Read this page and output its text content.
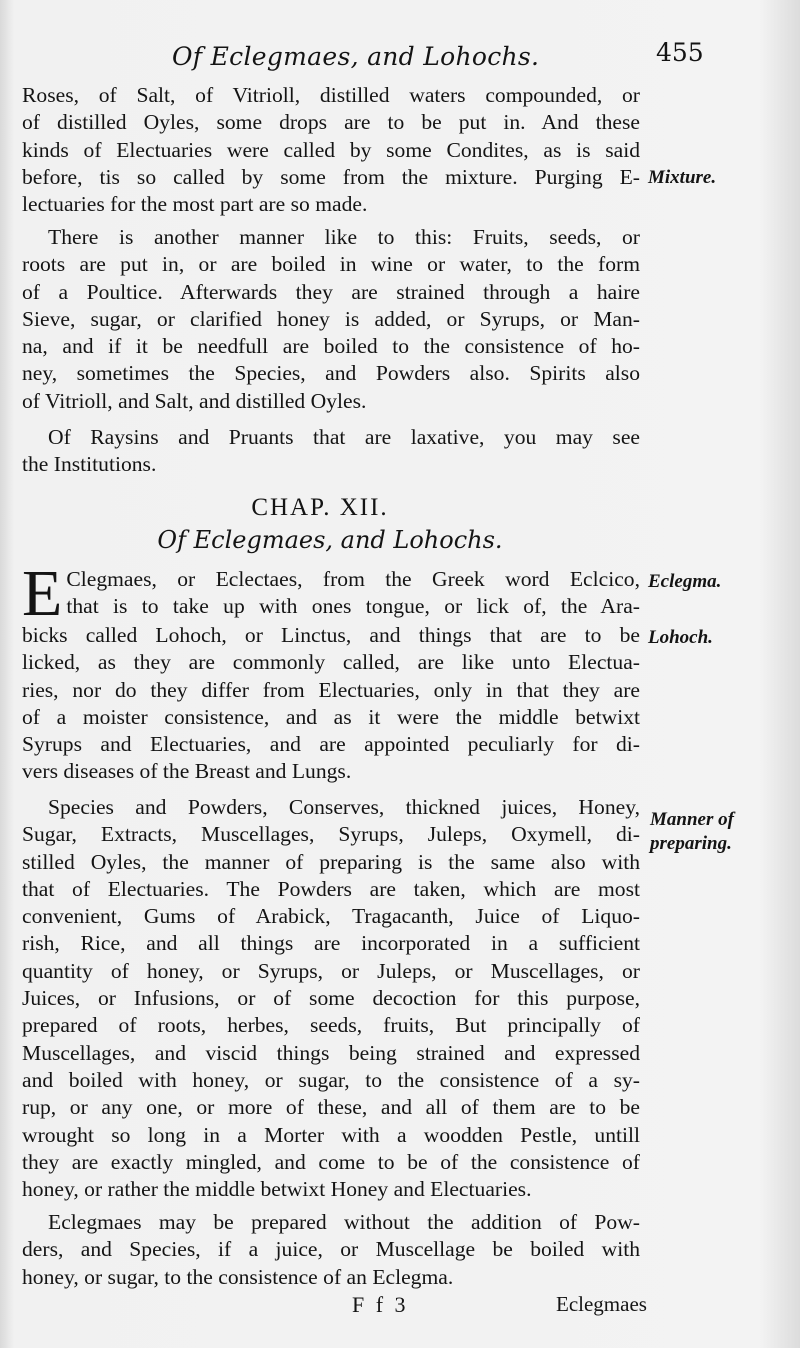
Of Eclegmaes, and Lohochs.	455
Roses, of Salt, of Vitrioll, distilled waters compounded, or
of distilled Oyles, some drops are to be put in. And these
kinds of Electuaries were called by some Condites, as is said
before, tis so called by some from the mixture. Purging E-
lectuaries for the most part are so made.
There is another manner like to this: Fruits, seeds, or
roots are put in, or are boiled in wine or water, to the form
of a Poultice. Afterwards they are strained through a haire
Sieve, sugar, or clarified honey is added, or Syrups, or Man-
na, and if it be needfull are boiled to the consistence of ho-
ney, sometimes the Species, and Powders also. Spirits also
of Vitrioll, and Salt, and distilled Oyles.
Of Raysins and Pruants that are laxative, you may see
the Institutions.
CHAP. XII.
Of Eclegmaes, and Lohochs.
E Clegmaes, or Eclectaes, from the Greek word Eclcico,
that is to take up with ones tongue, or lick of, the Ara-
bicks called Lohoch, or Linctus, and things that are to be
licked, as they are commonly called, are like unto Electua-
ries, nor do they differ from Electuaries, only in that they are
of a moister consistence, and as it were the middle betwixt
Syrups and Electuaries, and are appointed peculiarly for di-
vers diseases of the Breast and Lungs.
Species and Powders, Conserves, thickned juices, Honey,
Sugar, Extracts, Muscellages, Syrups, Juleps, Oxymell, di-
stilled Oyles, the manner of preparing is the same also with
that of Electuaries. The Powders are taken, which are most
convenient, Gums of Arabick, Tragacanth, Juice of Liquo-
rish, Rice, and all things are incorporated in a sufficient
quantity of honey, or Syrups, or Juleps, or Muscellages, or
Juices, or Infusions, or of some decoction for this purpose,
prepared of roots, herbes, seeds, fruits, But principally of
Muscellages, and viscid things being strained and expressed
and boiled with honey, or sugar, to the consistence of a sy-
rup, or any one, or more of these, and all of them are to be
wrought so long in a Morter with a woodden Pestle, untill
they are exactly mingled, and come to be of the consistence of
honey, or rather the middle betwixt Honey and Electuaries.
Eclegmaes may be prepared without the addition of Pow-
ders, and Species, if a juice, or Muscellage be boiled with
honey, or sugar, to the consistence of an Eclegma.
Mixture.
Eclegma.
Lohoch.
Manner of
preparing.
F f 3	Eclegmaes
